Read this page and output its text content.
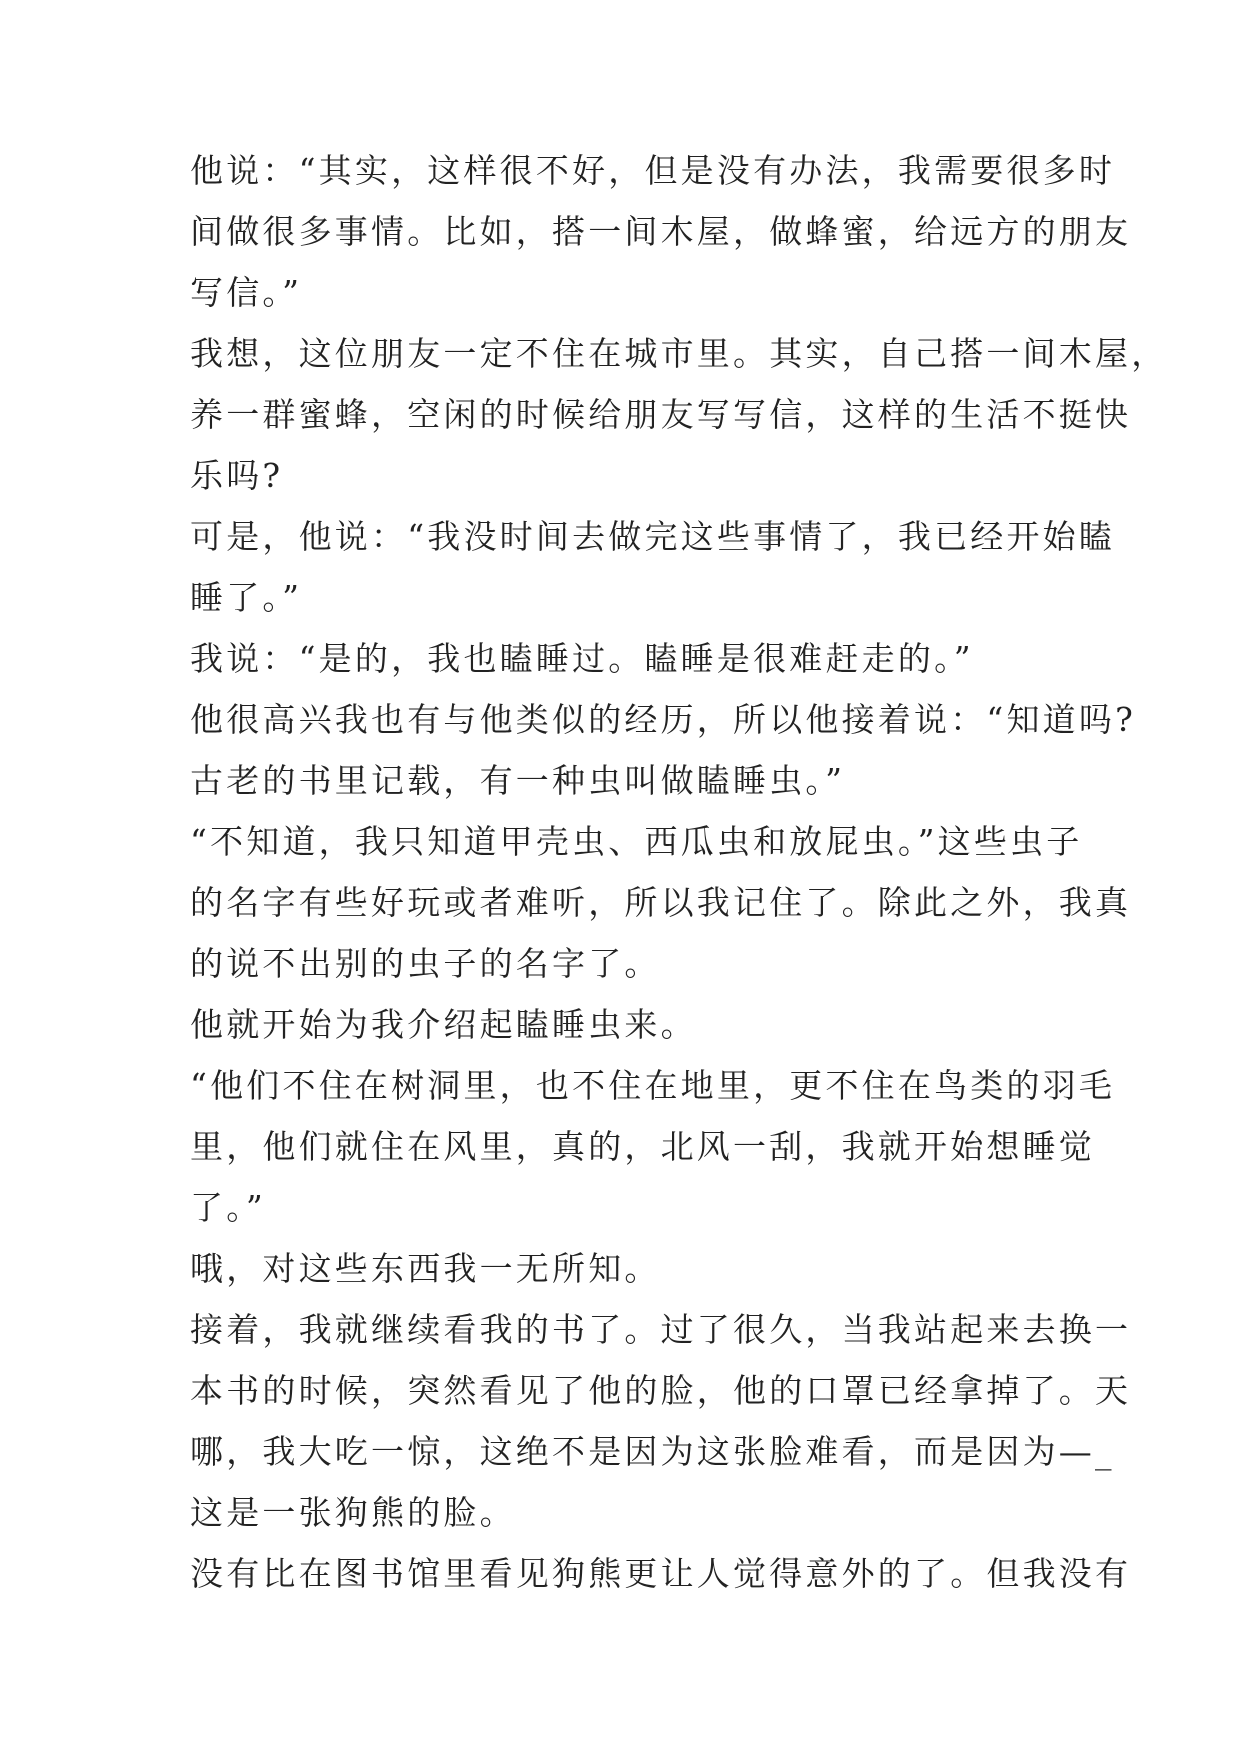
他说：“其实，这样很不好，但是没有办法，我需要很多时
间做很多事情。比如，搭一间木屋，做蜂蜜，给远方的朋友
写信。”
我想，这位朋友一定不住在城市里。其实，自己搭一间木屋，
养一群蜜蜂，空闲的时候给朋友写写信，这样的生活不挺快
乐吗?
可是，他说：“我没时间去做完这些事情了，我已经开始瞌
睡了。”
我说：“是的，我也瞌睡过。瞌睡是很难赶走的。”
他很高兴我也有与他类似的经历，所以他接着说：“知道吗?
古老的书里记载，有一种虫叫做瞌睡虫。”
“不知道，我只知道甲壳虫、西瓜虫和放屁虫。”这些虫子
的名字有些好玩或者难听，所以我记住了。除此之外，我真
的说不出别的虫子的名字了。
他就开始为我介绍起瞌睡虫来。
“他们不住在树洞里，也不住在地里，更不住在鸟类的羽毛
里，他们就住在风里，真的，北风一刮，我就开始想睡觉
了。”
哦，对这些东西我一无所知。
接着，我就继续看我的书了。过了很久，当我站起来去换一
本书的时候，突然看见了他的脸，他的口罩已经拿掉了。天
哪，我大吃一惊，这绝不是因为这张脸难看，而是因为—_
这是一张狗熊的脸。
没有比在图书馆里看见狗熊更让人觉得意外的了。但我没有
